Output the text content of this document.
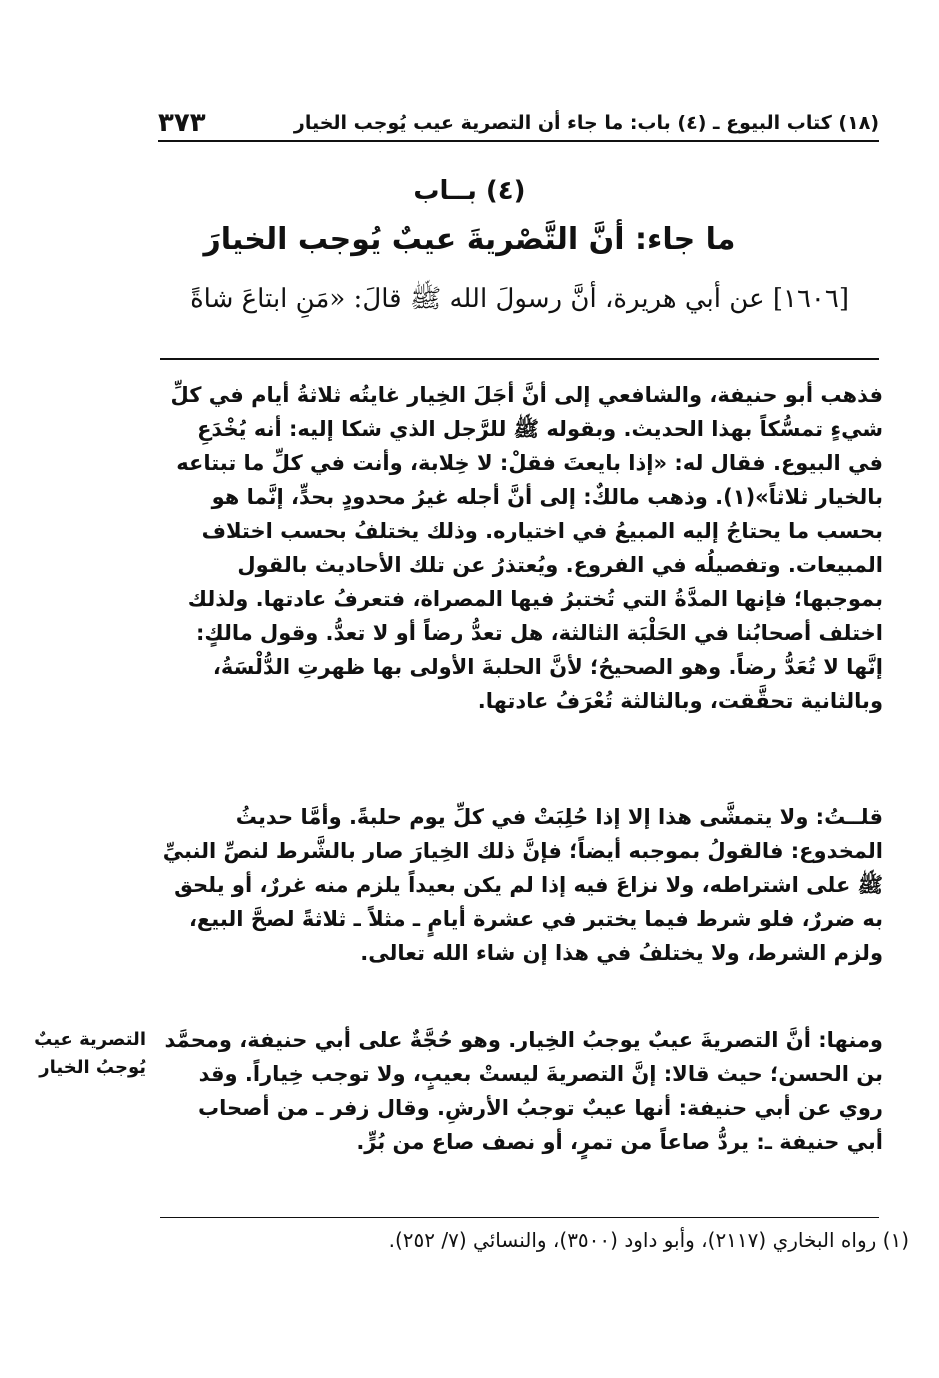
٣٧٣	(١٨) كتاب البيوع ـ (٤) باب: ما جاء أن التصرية عيب يُوجب الخيار
(٤) بــاب
ما جاء: أنَّ التَّصْريةَ عيبٌ يُوجب الخيارَ
[١٦٠٦] عن أبي هريرة، أنَّ رسولَ الله ﷺ قالَ: «مَنِ ابتاعَ شاةً

فذهب أبو حنيفة، والشافعي إلى أنَّ أجَلَ الخِيار غايتُه ثلاثةُ أيام في كلِّ شيءٍ تمسُّكاً بهذا الحديث. وبقوله ﷺ للرَّجل الذي شكا إليه: أنه يُخْدَعِ في البيوع. فقال له: «إذا بايعتَ فقلْ: لا خِلابة، وأنت في كلِّ ما تبتاعه بالخيار ثلاثاً»(١). وذهب مالكٌ: إلى أنَّ أجله غيرُ محدودٍ بحدٍّ، إنَّما هو بحسب ما يحتاجُ إليه المبيعُ في اختياره. وذلك يختلفُ بحسب اختلاف المبيعات. وتفصيلُه في الفروع. ويُعتذرُ عن تلك الأحاديث بالقول بموجبها؛ فإنها المدَّةُ التي تُختبرُ فيها المصراة، فتعرفُ عادتها. ولذلك اختلف أصحابُنا في الحَلْبَة الثالثة، هل تعدُّ رضاً أو لا تعدُّ. وقول مالكٍ: إنَّها لا تُعَدُّ رضاً. وهو الصحيحُ؛ لأنَّ الحلبةَ الأولى بها ظهرتِ الدُّلْسَةُ، وبالثانية تحقَّقت، وبالثالثة تُعْرَفُ عادتها.

قلــتُ: ولا يتمشَّى هذا إلا إذا حُلِبَتْ في كلِّ يوم حلبةً. وأمَّا حديثُ المخدوع: فالقولُ بموجبه أيضاً؛ فإنَّ ذلك الخِيارَ صار بالشَّرط لنصِّ النبيِّ ﷺ على اشتراطه، ولا نزاعَ فيه إذا لم يكن بعيداً يلزم منه غررٌ، أو يلحق به ضررٌ، فلو شرط فيما يختبر في عشرة أيامٍ ـ مثلاً ـ ثلاثةً لصحَّ البيع، ولزم الشرط، ولا يختلفُ في هذا إن شاء الله تعالى.

ومنها: أنَّ التصريةَ عيبٌ يوجبُ الخِيار. وهو حُجَّةٌ على أبي حنيفة، ومحمَّد بن الحسن؛ حيث قالا: إنَّ التصريةَ ليستْ بعيبٍ، ولا توجب خِياراً. وقد روي عن أبي حنيفة: أنها عيبٌ توجبُ الأرشِ. وقال زفر ـ من أصحاب أبي حنيفة ـ: يردُّ صاعاً من تمرٍ، أو نصف صاع من بُرٍّ.

التصرية عيبٌ يُوجبُ الخيار
(١) رواه البخاري (٢١١٧)، وأبو داود (٣٥٠٠)، والنسائي (٧/ ٢٥٢).
